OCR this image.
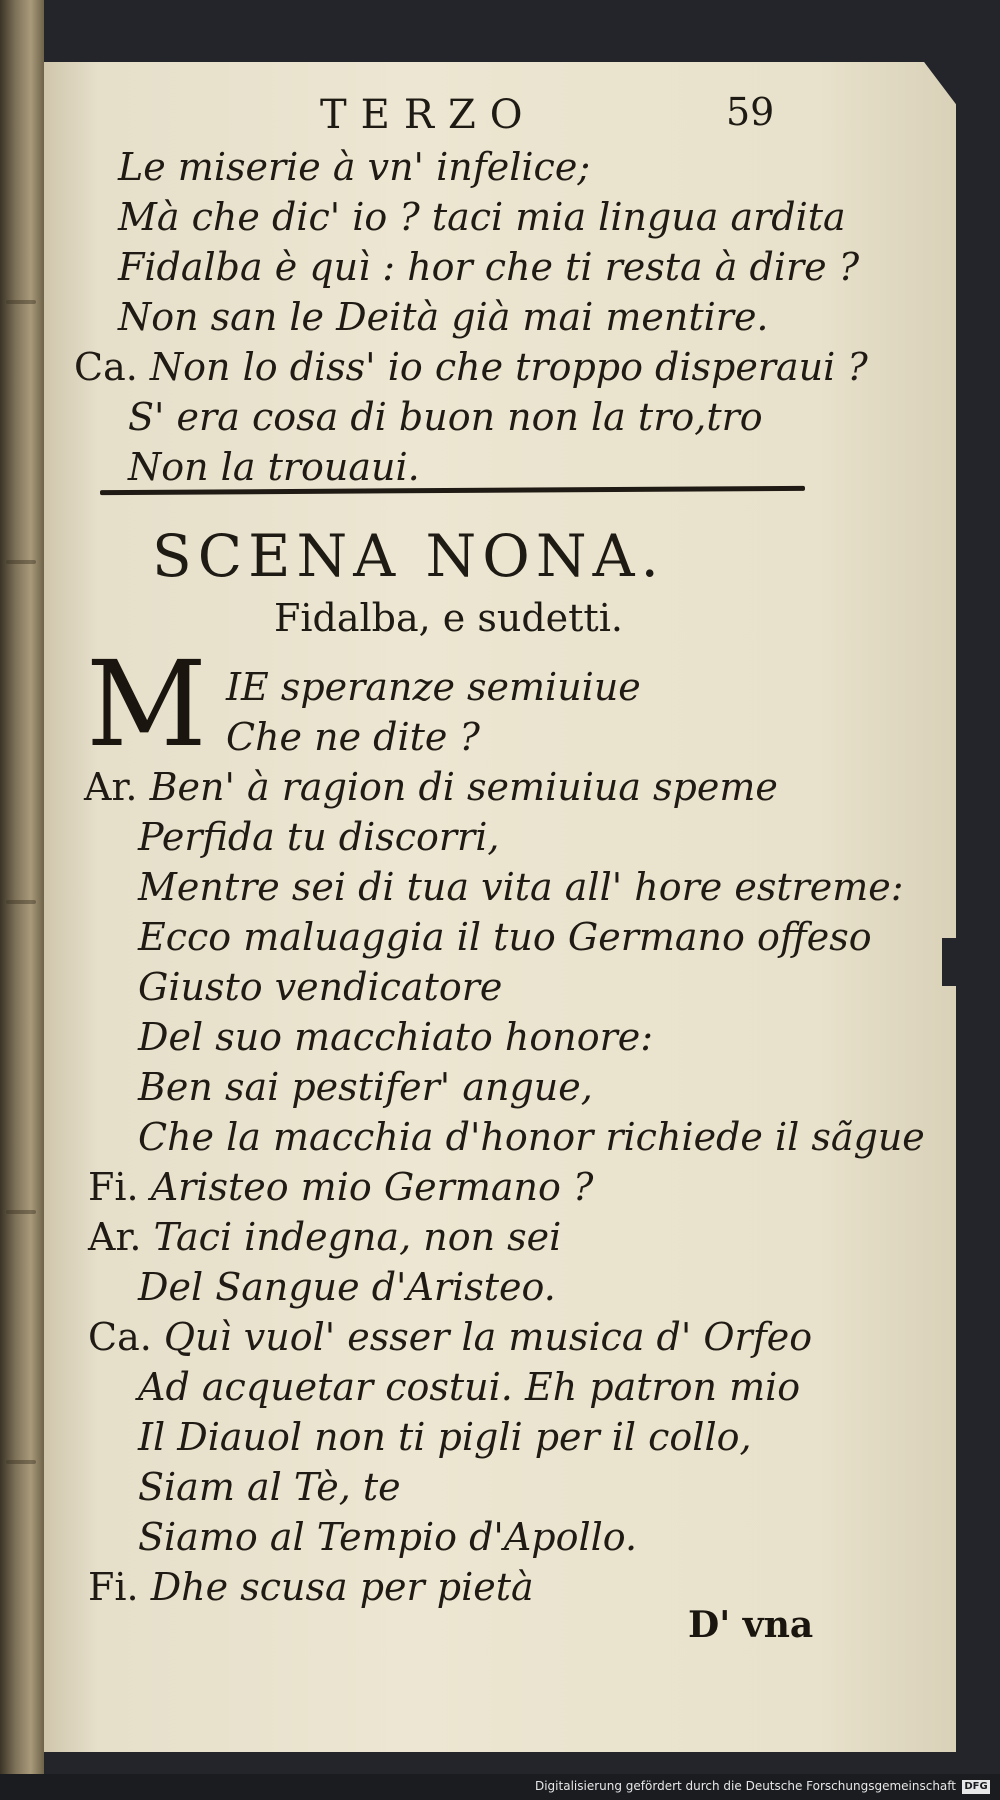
TERZO	59
Le miserie à vn' infelice;
Mà che dic' io ? taci mia lingua ardita
Fidalba è quì : hor che ti resta à dire ?
Non san le Deità già mai mentire.
Ca. Non lo diss' io che troppo disperaui ?
S' era cosa di buon non la tro,tro
Non la trouaui.
SCENA NONA.
Fidalba, e sudetti.
M IE speranze semiuiue
Che ne dite ?
Ar. Ben' à ragion di semiuiua speme
Perfida tu discorri,
Mentre sei di tua vita all' hore estreme:
Ecco maluaggia il tuo Germano offeso
Giusto vendicatore
Del suo macchiato honore:
Ben sai pestifer' angue,
Che la macchia d'honor richiede il sãgue
Fi. Aristeo mio Germano ?
Ar. Taci indegna, non sei
Del Sangue d'Aristeo.
Ca. Quì vuol' esser la musica d' Orfeo
Ad acquetar costui. Eh patron mio
Il Diauol non ti pigli per il collo,
Siam al Tè, te
Siamo al Tempio d'Apollo.
Fi. Dhe scusa per pietà
D' vna
Digitalisierung gefördert durch die Deutsche Forschungsgemeinschaft DFG
